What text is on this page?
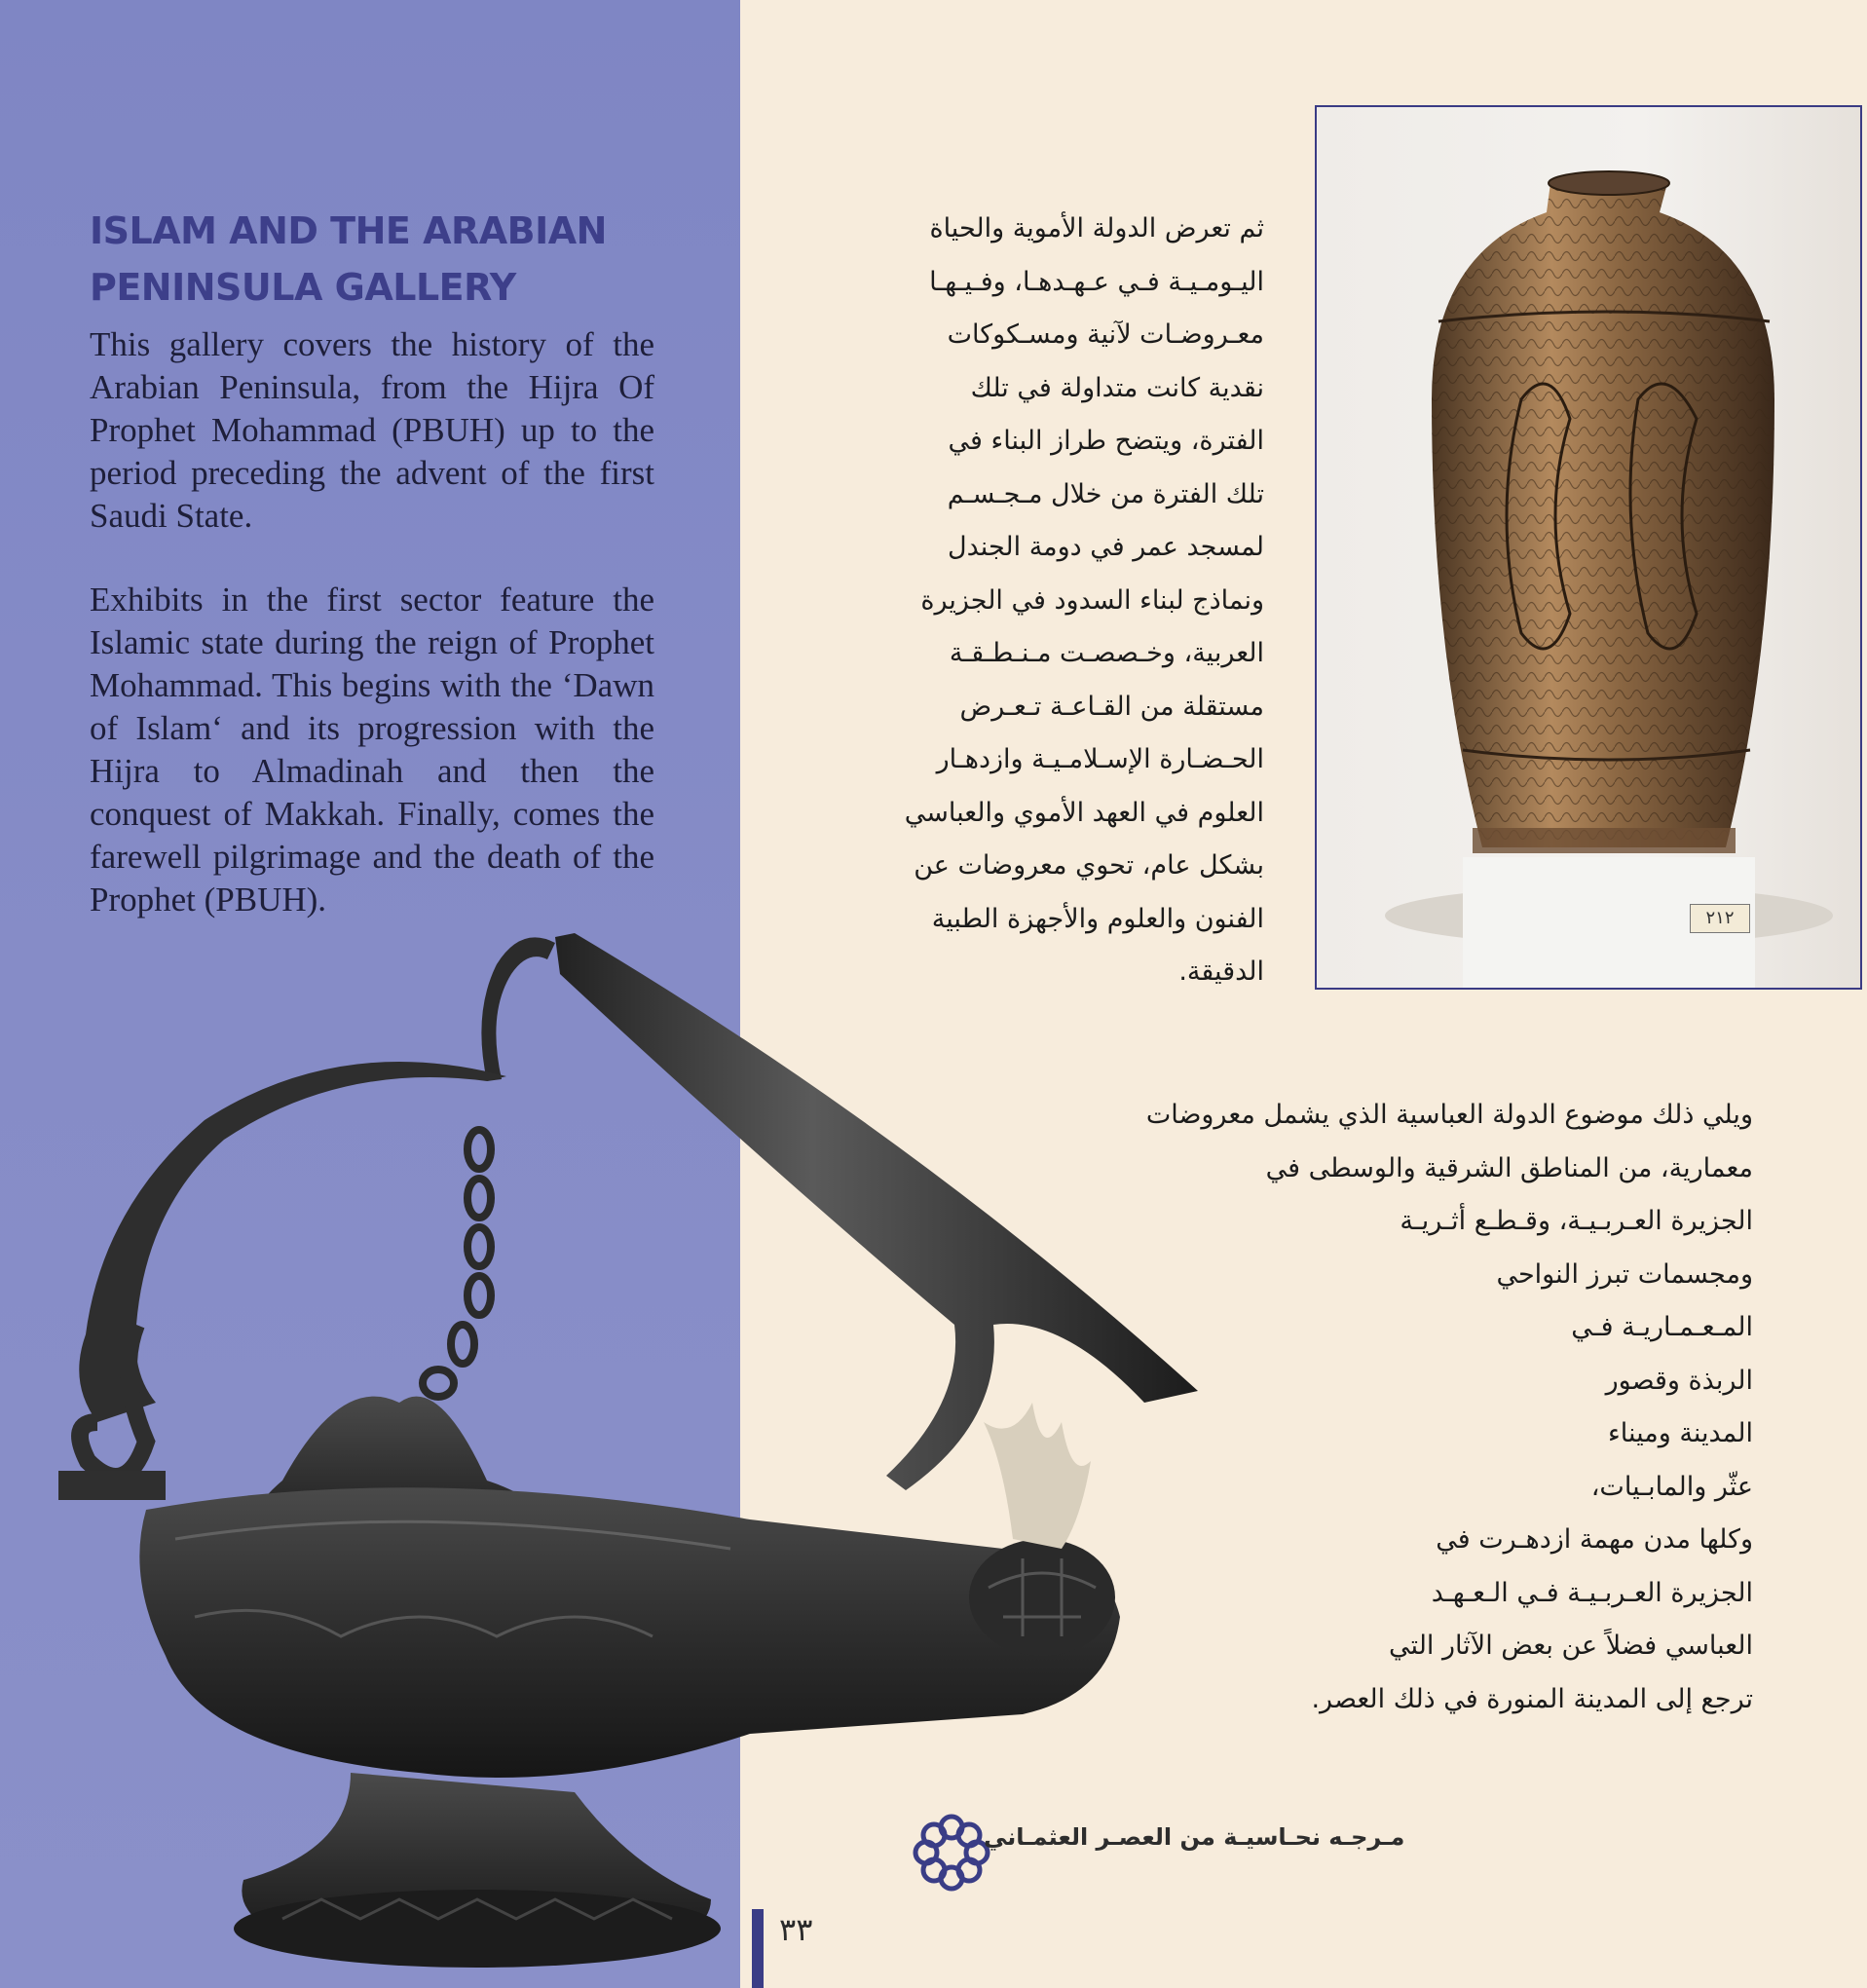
ISLAM AND THE ARABIAN PENINSULA GALLERY
This gallery covers the history of the Arabian Peninsula, from the Hijra Of Prophet Mohammad (PBUH) up to the period preceding the advent of the first Saudi State.
Exhibits in the first sector feature the Islamic state during the reign of Prophet Mohammad. This begins with the ‘Dawn of Islam‘ and its progression with the Hijra to Almadinah and then the conquest of Makkah. Finally, comes the farewell pilgrimage and the death of the Prophet (PBUH).
ثم تعرض الدولة الأموية والحياة
اليـومـيـة فـي عـهـدهـا، وفـيـهـا
معـروضـات لآنية ومسـكوكات
نقدية كانت متداولة في تلك
الفترة، ويتضح طراز البناء في
تلك الفترة من خلال مـجـسـم
لمسجد عمر في دومة الجندل
ونماذج لبناء السدود في الجزيرة
العربية، وخـصصـت مـنـطـقـة
مستقلة من القـاعـة تـعـرض
الحـضـارة الإسـلامـيـة وازدهـار
العلوم في العهد الأموي والعباسي
بشكل عام، تحوي معروضات عن
الفنون والعلوم والأجهزة الطبية
الدقيقة.
٢١٢
ويلي ذلك موضوع الدولة العباسية الذي يشمل معروضات
معمارية، من المناطق الشرقية والوسطى في
الجزيرة العـربـيـة، وقـطـع أثـريـة
ومجسمات تبرز النواحي
المـعـمـاريـة فـي
الربذة وقصور
المدينة وميناء
عثّر والمابـيات،
وكلها مدن مهمة ازدهـرت في
الجزيرة العـربـيـة فـي الـعـهـد
العباسي فضلاً عن بعض الآثار التي
ترجع إلى المدينة المنورة في ذلك العصر.
مـرجـه نحـاسيـة من العصـر العثمـاني
٣٣
